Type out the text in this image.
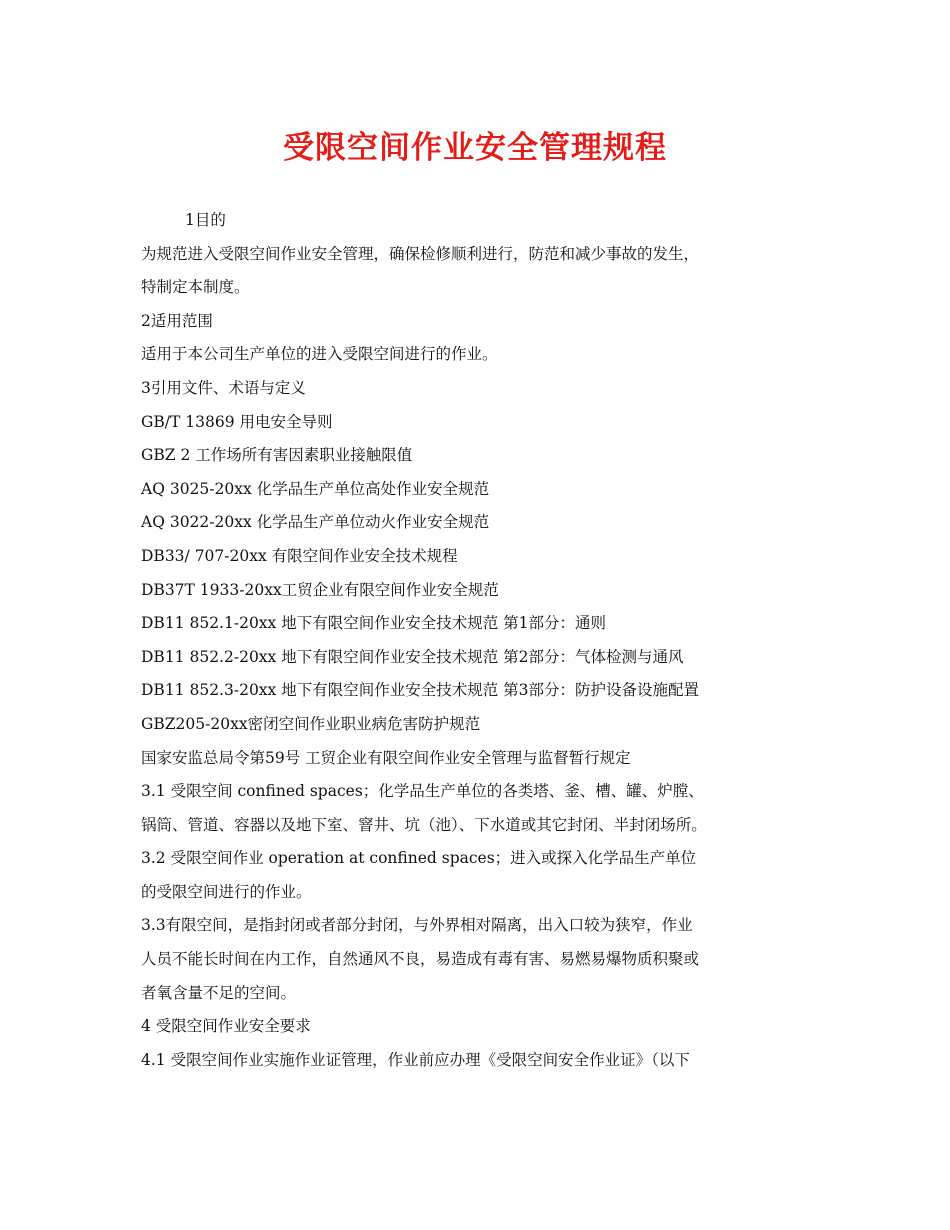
受限空间作业安全管理规程
1目的
为规范进入受限空间作业安全管理，确保检修顺利进行，防范和减少事故的发生，
特制定本制度。
2适用范围
适用于本公司生产单位的进入受限空间进行的作业。
3引用文件、术语与定义
GB/T 13869 用电安全导则
GBZ 2 工作场所有害因素职业接触限值
AQ 3025-20xx 化学品生产单位高处作业安全规范
AQ 3022-20xx 化学品生产单位动火作业安全规范
DB33/ 707-20xx 有限空间作业安全技术规程
DB37T 1933-20xx工贸企业有限空间作业安全规范
DB11 852.1-20xx 地下有限空间作业安全技术规范 第1部分：通则
DB11 852.2-20xx 地下有限空间作业安全技术规范 第2部分：气体检测与通风
DB11 852.3-20xx 地下有限空间作业安全技术规范 第3部分：防护设备设施配置
GBZ205-20xx密闭空间作业职业病危害防护规范
国家安监总局令第59号 工贸企业有限空间作业安全管理与监督暂行规定
3.1 受限空间 confined spaces；化学品生产单位的各类塔、釜、槽、罐、炉膛、
锅筒、管道、容器以及地下室、窨井、坑（池）、下水道或其它封闭、半封闭场所。
3.2 受限空间作业 operation at confined spaces；进入或探入化学品生产单位
的受限空间进行的作业。
3.3有限空间，是指封闭或者部分封闭，与外界相对隔离，出入口较为狭窄，作业
人员不能长时间在内工作，自然通风不良，易造成有毒有害、易燃易爆物质积聚或
者氧含量不足的空间。
4 受限空间作业安全要求
4.1 受限空间作业实施作业证管理，作业前应办理《受限空间安全作业证》（以下
